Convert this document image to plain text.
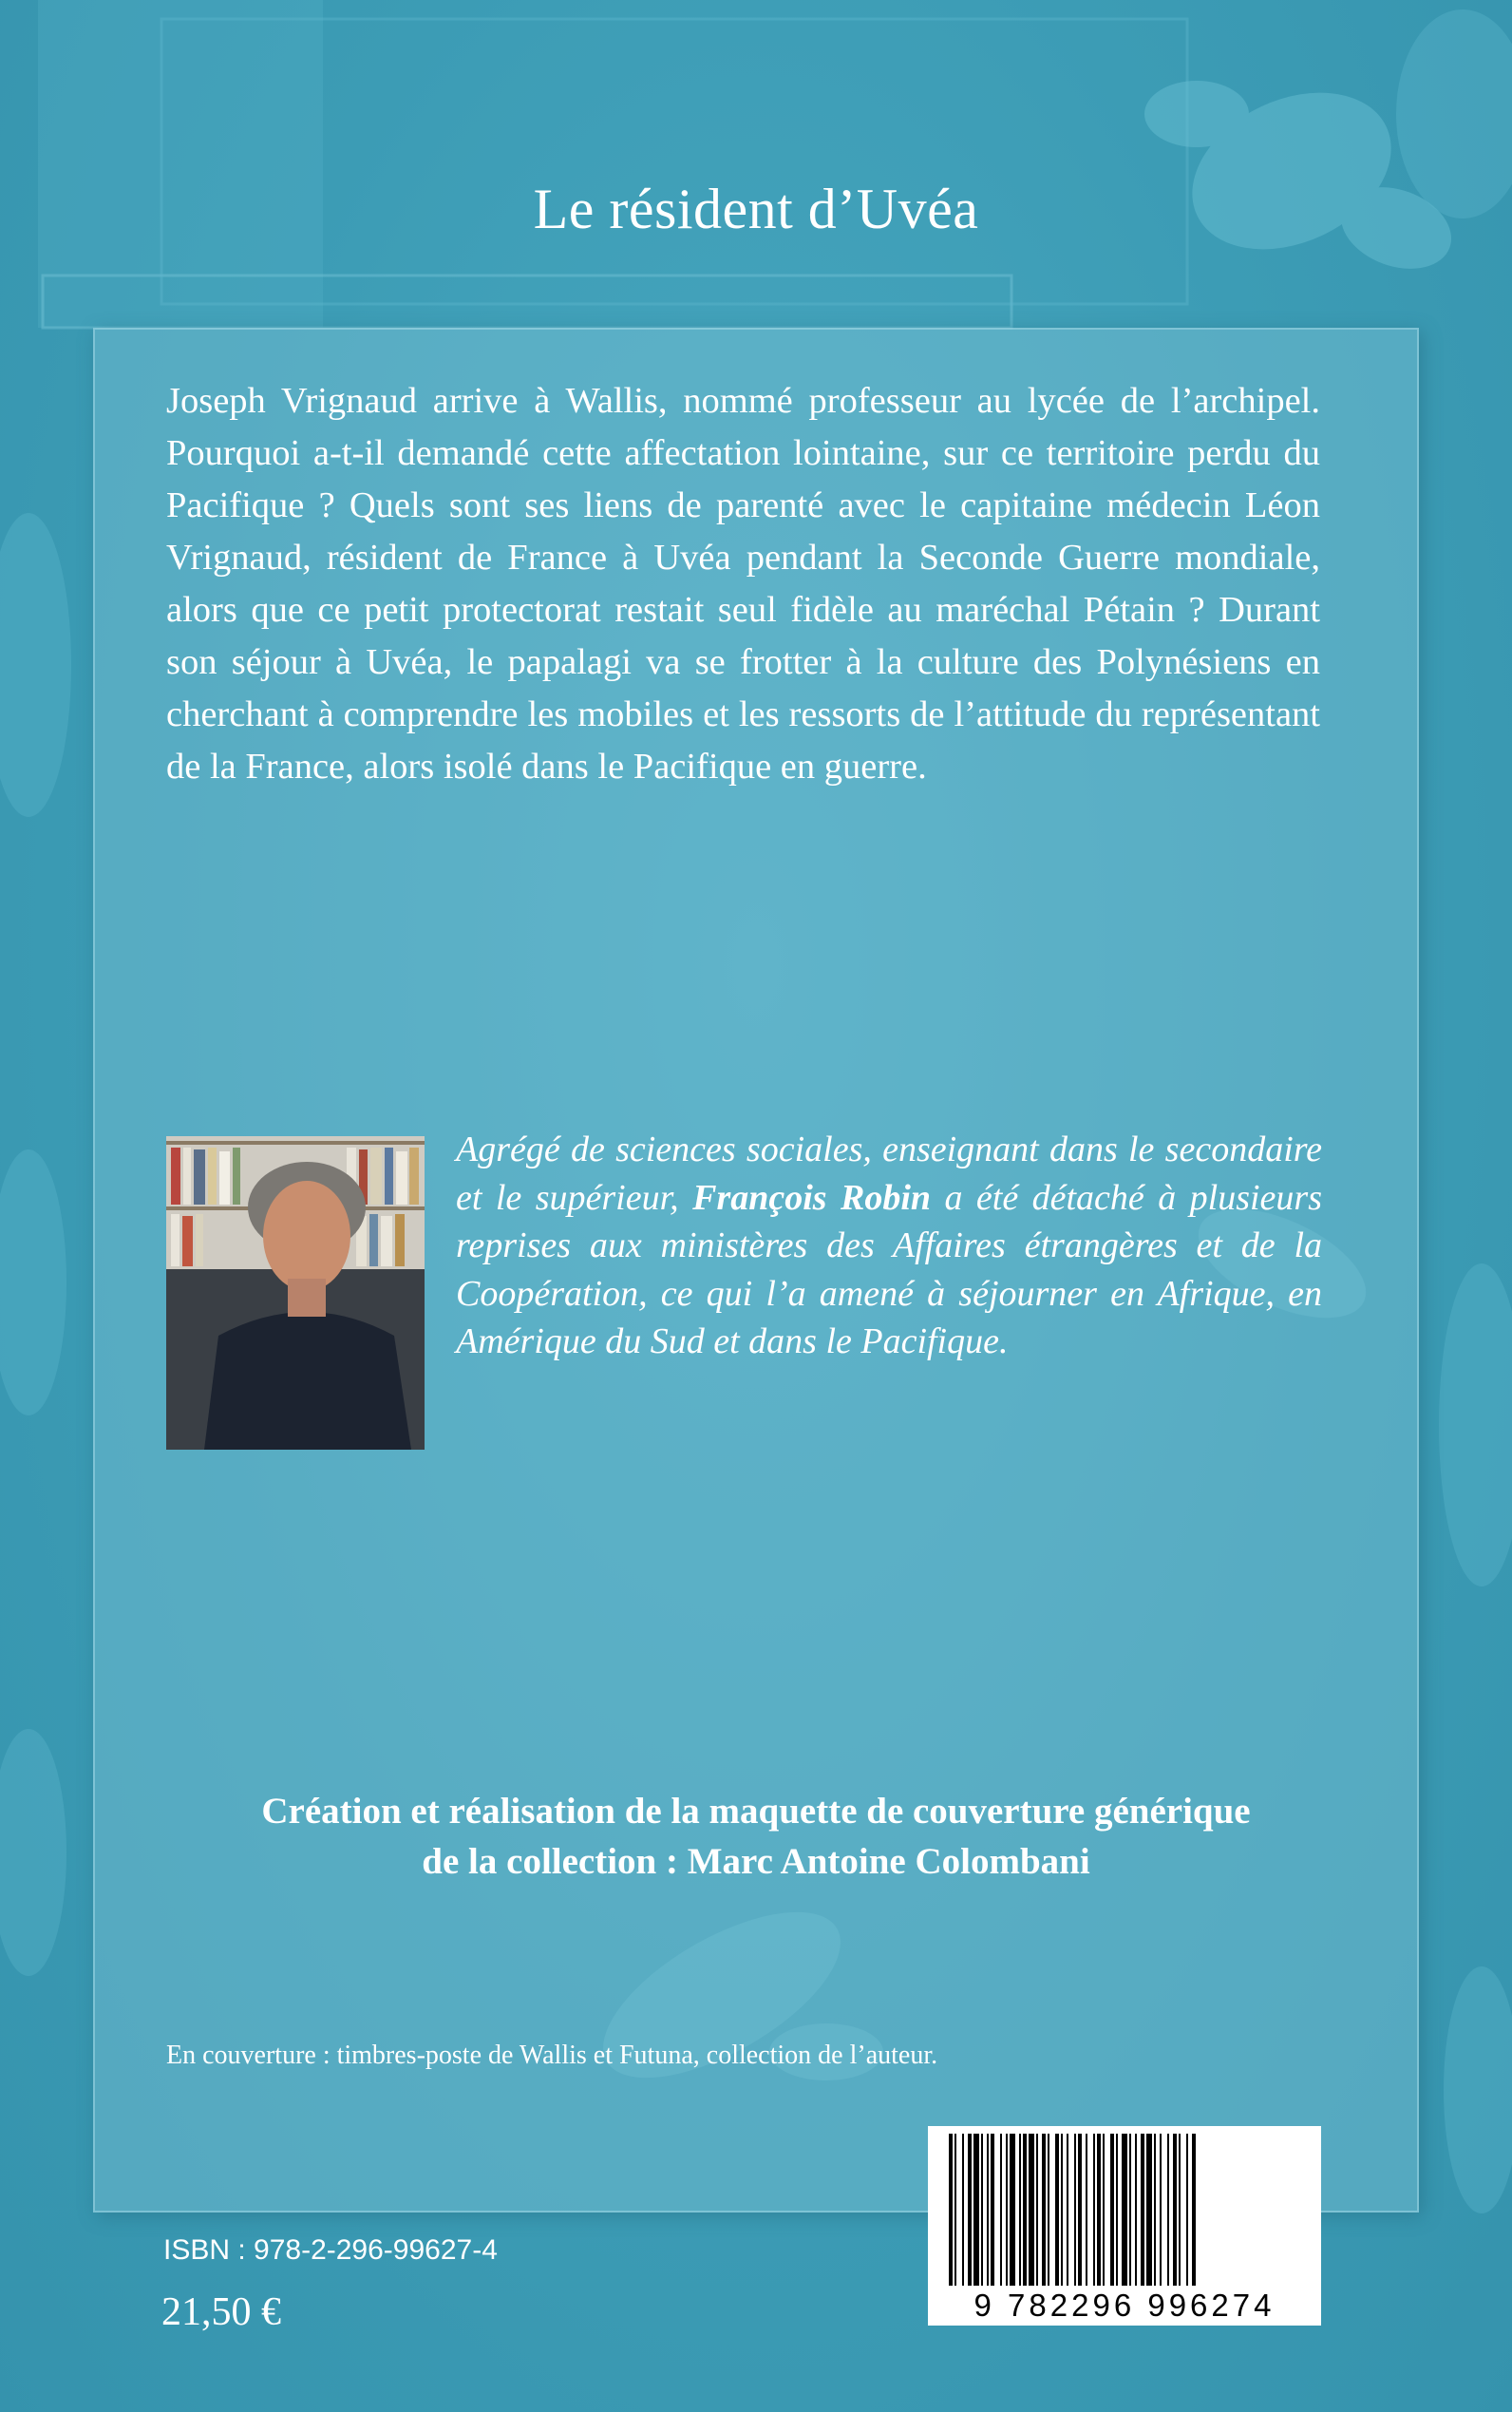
Le résident d’Uvéa
Joseph Vrignaud arrive à Wallis, nommé professeur au lycée de l’archipel. Pourquoi a-t-il demandé cette affectation lointaine, sur ce territoire perdu du Pacifique ? Quels sont ses liens de parenté avec le capitaine médecin Léon Vrignaud, résident de France à Uvéa pendant la Seconde Guerre mondiale, alors que ce petit protectorat restait seul fidèle au maréchal Pétain ? Durant son séjour à Uvéa, le papalagi va se frotter à la culture des Polynésiens en cherchant à comprendre les mobiles et les ressorts de l’attitude du représentant de la France, alors isolé dans le Pacifique en guerre.
Agrégé de sciences sociales, enseignant dans le secondaire et le supérieur, François Robin a été détaché à plusieurs reprises aux ministères des Affaires étrangères et de la Coopération, ce qui l’a amené à séjourner en Afrique, en Amérique du Sud et dans le Pacifique.
Création et réalisation de la maquette de couverture générique
de la collection : Marc Antoine Colombani
En couverture : timbres-poste de Wallis et Futuna, collection de l’auteur.
ISBN : 978-2-296-99627-4
21,50 €	9 782296 996274
